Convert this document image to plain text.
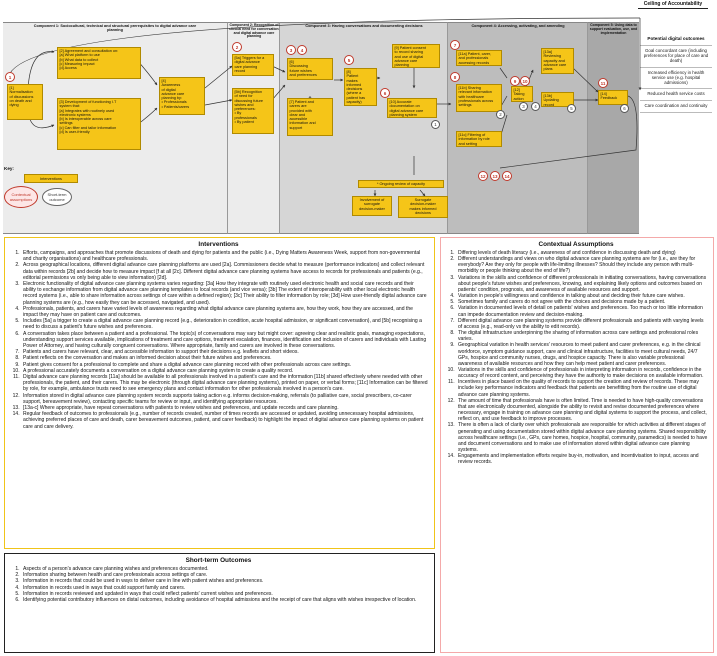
Ceiling of Accountability
Component 1: Sociocultural, technical and structural prerequisites to digital advance care planning
Component 2: Recognition of clinical need for conversation and digital advance care planning
Component 3: Having conversations and documenting decisions	Component 4: Accessing, activating, and amending	Component 5: Using data to support evaluation, use, and implementation
Potential digital outcomes
Goal concordant care (including preferences for place of care and death)
Increased efficiency in health service use (e.g. hospital admissions)
Reduced health service costs
Care coordination and continuity
[1]
Normalisation
of discussions
on death and
dying
[2] Agreement and consultation on:
[a] What platform to use
[b] What data to collect
[c] Measuring impact
[d] Access
[3] Development of functioning I.T
system that:
[a] Integrates with routinely used
electronic systems
[b] Is interoperable across care
settings
[c] Can filter and tailor information
[d] Is user-friendly
[4]
Awareness
of digital
advance care
planning by:
• Professionals
• Patients/carers
[5a] Triggers for a
digital advance
care planning
record
[5b] Recognition
of need for
discussing future
wishes and
preferences:
• By
professionals
• By patient
[6]
Discussing
future wishes
and preferences
[7] Patient and
carers are
provided with
clear and
accessible
information and
support
[8]
Patient
makes
informed
decisions
(where a
patient has
capacity)
[9] Patient consent
to record sharing
and use of digital
advance care
planning
[10] Accurate
documentation on
digital advance care
planning system
[11a] Patient, carer,
and professionals
accessing records
[11b] Sharing
relevant information
with healthcare
professionals across
settings
[11c] Filtering of
information by role
and setting
[12]
Taking
action
[13a]
Reviewing
capacity and
advance care
plans
[13b]
Updating
record
[14]
Feedback
* Ongoing review of capacity
Involvement of
surrogate
decision-maker
Surrogate
decision-maker
makes informed
decisions
1
2
3	4
5
6
7
8
9	10	11
12	13	14
1
2
3	4	5	6
Key:
Interventions
Contextual assumptions
Short-term outcome
Interventions
1. Efforts, campaigns, and approaches that promote discussions of death and dying for patients and the public (i.e., Dying Matters Awareness Week, support from non-governmental and charity organisations) and healthcare professionals.
2. Across geographical locations, different digital advance care planning platforms are used [2a]. Commissioners decide what to measure (performance indicators) and collect relevant data within records [2b] and decide how to measure impact [f at all [2c]. Different digital advance care planning systems have access to records for professionals and patients (e.g., editorial permissions vs only being able to view information) [2d].
3. Electronic functionality of digital advance care planning systems varies regarding: [3a] How they integrate with routinely used electronic health and social care records and their ability to exchange information from digital advance care planning templates to local records (and vice versa); [3b] The extent of interoperability with other local electronic health record systems (i.e., able to share information across settings of care within a defined region); [3c] Their ability to filter information by role; [3d] How user-friendly digital advance care planning systems are (e.g., how easily they can be accessed, navigated, and used).
4. Professionals, patients, and carers have varied levels of awareness regarding what digital advance care planning systems are, how they work, how they are accessed, and the impact they may have on patient care and outcomes.
5. Includes [5a] a trigger to create a digital advance care planning record (e.g., deterioration in condition, acute hospital admission, or significant conversation), and [5b] recognising a need to discuss a patient's future wishes and preferences.
6. A conversation takes place between a patient and a professional. The topic(s) of conversations may vary but might cover: agreeing clear and realistic goals, managing expectations, understanding support services available, implications of treatment and care options, treatment escalation, finances, identification and inclusion of carers and individuals with Lasting Power of Attorney, and having culturally congruent conversations. Where appropriate, family and carers are involved in these conversations.
7. Patients and carers have relevant, clear, and accessible information to support their decisions e.g. leaflets and short videos.
8. Patient reflects on the conversation and makes an informed decision about their future wishes and preferences.
9. Patient gives consent for a professional to complete and share a digital advance care planning record with other professionals across care settings.
10. A professional accurately documents a conversation on a digital advance care planning system to create a quality record.
11. Digital advance care planning records [11a] should be available to all professionals involved in a patient's care and the information [11b] shared effectively where needed with other professionals, the patient, and their carers. This may be electronic (through digital advance care planning systems), printed on paper, or verbal forms; [11c] Information can be filtered by role, for example, ambulance trusts need to see emergency plans and contact information for other professionals involved in a person's care.
12. Information stored in digital advance care planning system records supports taking action e.g. informs decision-making, referrals (to palliative care, social prescribers, co-carer support, bereavement review), contacting specific teams for review or input, and identifying appropriate resources.
13. [13a-c] Where appropriate, have repeat conversations with patients to review wishes and preferences, and update records and care planning.
14. Regular feedback of outcomes to professionals (e.g., number of records created, number of times records are accessed or updated, avoiding unnecessary hospital admissions, achieving preferred places of care and death, carer bereavement outcomes, patient, and carer feedback) to highlight the impact of digital advance care planning systems on patient care and care delivery.
Short-term Outcomes
1. Aspects of a person's advance care planning wishes and preferences documented.
2. Information sharing between health and care professionals across settings of care.
3. Information in records that could be used in ways to deliver care in line with patient wishes and preferences.
4. Information in records used in ways that could support family and carers.
5. Information in records reviewed and updated in ways that could reflect patients' current wishes and preferences.
6. Identifying potential contributory influences on distal outcomes, including avoidance of hospital admissions and the receipt of care that aligns with wishes irrespective of location.
Contextual Assumptions
1. Differing levels of death literacy (i.e., awareness of and confidence in discussing death and dying)
2. Different understandings and views on who digital advance care planning systems are for (i.e., are they for everybody? Are they only for people with life-limiting illnesses? Should they include any person with multi-morbidity or people thinking about the end of life?)
3. Variations in the skills and confidence of different professionals in initiating conversations, having conversations about people's future wishes and preferences, knowing, and explaining likely options and outcomes based on patients' condition, prognosis, and awareness of available resources and support.
4. Variation in people's willingness and confidence in talking about and deciding their future care wishes.
5. Sometimes family and carers do not agree with the choices and decisions made by a patient.
6. Variation in documented levels of detail on patients' wishes and preferences. Too much or too little information can impede documentation review and decision-making.
7. Different digital advance care planning systems provide different professionals and patients with varying levels of access (e.g., read-only vs the ability to edit records).
8. The digital infrastructure underpinning the sharing of information across care settings and professional roles varies.
9. Geographical variation in health services' resources to meet patient and carer preferences, e.g. in the clinical workforce, symptom guidance support, care and clinical infrastructure, facilities to meet cultural needs, 24/7 GPs, hospice and community nurses, drugs, and hospice capacity. There is also variable professional awareness of available resources and how they can help meet patient and carer preferences.
10. Variations in the skills and confidence of professionals in interpreting information in records, confidence in the accuracy of record content, and perceiving they have the authority to make decisions on available information.
11. Incentives in place based on the quality of records to support the creation and review of records. These may include key performance indicators and feedback that patients are benefitting from the routine use of digital advance care planning systems.
12. The amount of time that professionals have is often limited. Time is needed to have high-quality conversations that are electronically documented, alongside the ability to revisit and revise documented preferences where necessary, engage in training on advance care planning and digital systems to support the process, and collect, reflect on, and use feedback to improve processes.
13. There is often a lack of clarity over which professionals are responsible for which activities at different stages of generating and using documentation stored within digital advance care planning systems. Shared responsibility across healthcare settings (i.e., GPs, care homes, hospice, hospital, community, paramedics) is needed to have and document conversations and to make use of information stored within digital advance care planning systems.
14. Engagements and implementation efforts require buy-in, motivation, and incentivisation to input, access and review records.
